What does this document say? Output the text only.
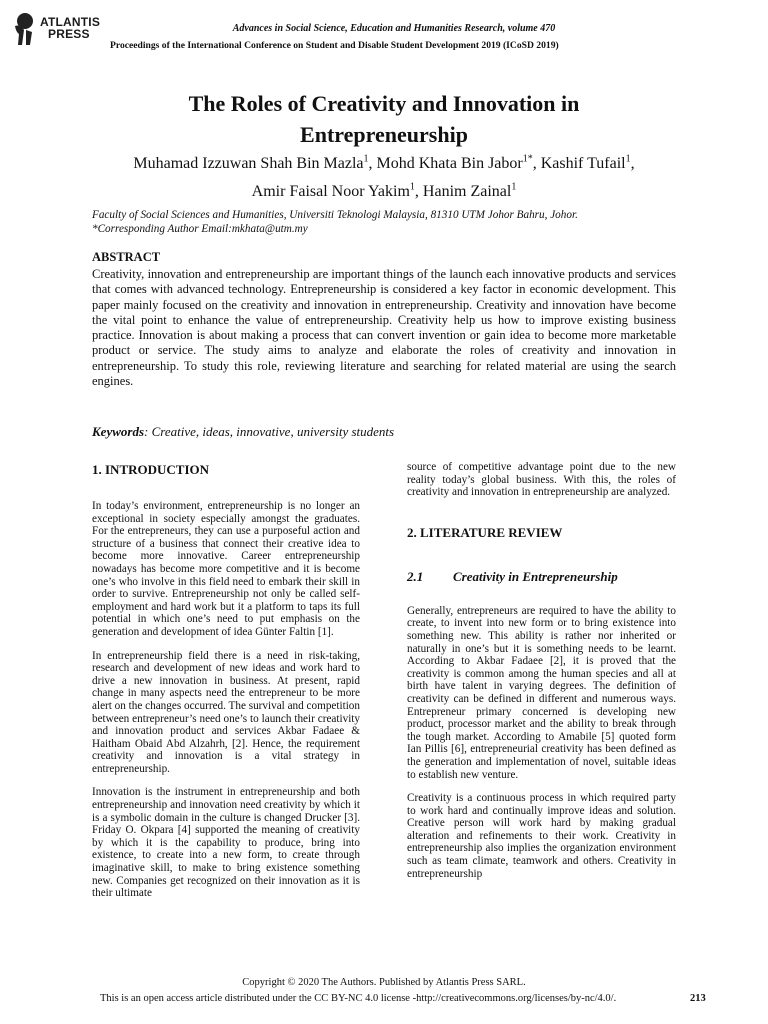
ATLANTIS
PRESS	Advances in Social Science, Education and Humanities Research, volume 470
Proceedings of the International Conference on Student and Disable Student Development 2019 (ICoSD 2019)
The Roles of Creativity and Innovation in
Entrepreneurship
Muhamad Izzuwan Shah Bin Mazla$^1$, Mohd Khata Bin Jabor$^{1*}$, Kashif Tufail$^1$,
Amir Faisal Noor Yakim$^1$, Hanim Zainal$^1$
Faculty of Social Sciences and Humanities, Universiti Teknologi Malaysia, 81310 UTM Johor Bahru, Johor.
*Corresponding Author Email:mkhata@utm.my
ABSTRACT

Creativity, innovation and entrepreneurship are important things of the launch each innovative products and services that comes with advanced technology. Entrepreneurship is considered a key factor in economic development. This paper mainly focused on the creativity and innovation in entrepreneurship. Creativity and innovation have become the vital point to enhance the value of entrepreneurship. Creativity help us how to improve existing business practice. Innovation is about making a process that can convert invention or gain idea to become more marketable product or service. The study aims to analyze and elaborate the roles of creativity and innovation in entrepreneurship. To study this role, reviewing literature and searching for related material are using the search engines.

Keywords: Creative, ideas, innovative, university students
1. INTRODUCTION

In today’s environment, entrepreneurship is no longer an exceptional in society especially amongst the graduates. For the entrepreneurs, they can use a purposeful action and structure of a business that connect their creative idea to become more innovative. Career entrepreneurship nowadays has become more competitive and it is become one’s who involve in this field need to embark their skill in order to survive. Entrepreneurship not only be called self-employment and hard work but it a platform to taps its full potential in which one’s need to put emphasis on the generation and development of idea Günter Faltin [1].

In entrepreneurship field there is a need in risk-taking, research and development of new ideas and work hard to drive a new innovation in business. At present, rapid change in many aspects need the entrepreneur to be more alert on the changes occurred. The survival and competition between entrepreneur’s need one’s to launch their creativity and innovation product and services Akbar Fadaee & Haitham Obaid Abd Alzahrh, [2]. Hence, the requirement creativity and innovation is a vital strategy in entrepreneurship.

Innovation is the instrument in entrepreneurship and both entrepreneurship and innovation need creativity by which it is a symbolic domain in the culture is changed Drucker [3]. Friday O. Okpara [4] supported the meaning of creativity by which it is the capability to produce, bring into existence, to create into a new form, to create through imaginative skill, to make to bring existence something new. Companies get recognized on their innovation as it is their ultimate

source of competitive advantage point due to the new reality today’s global business. With this, the roles of creativity and innovation in entrepreneurship are analyzed.

2. LITERATURE REVIEW
2.1 Creativity in Entrepreneurship

Generally, entrepreneurs are required to have the ability to create, to invent into new form or to bring existence into something new. This ability is rather nor inherited or naturally in one’s but it is something needs to be learnt. According to Akbar Fadaee [2], it is proved that the creativity is common among the human species and all at birth have talent in varying degrees. The definition of creativity can be defined in different and numerous ways. Entrepreneur primary concerned is developing new product, processor market and the ability to break through the tough market. According to Amabile [5] quoted form Ian Pillis [6], entrepreneurial creativity has been defined as the generation and implementation of novel, suitable ideas to establish new venture.

Creativity is a continuous process in which required party to work hard and continually improve ideas and solution. Creative person will work hard by making gradual alteration and refinements to their work. Creativity in entrepreneurship also implies the organization environment such as team climate, teamwork and others. Creativity in entrepreneurship

Copyright © 2020 The Authors. Published by Atlantis Press SARL.
This is an open access article distributed under the CC BY-NC 4.0 license -http://creativecommons.org/licenses/by-nc/4.0/.	213
